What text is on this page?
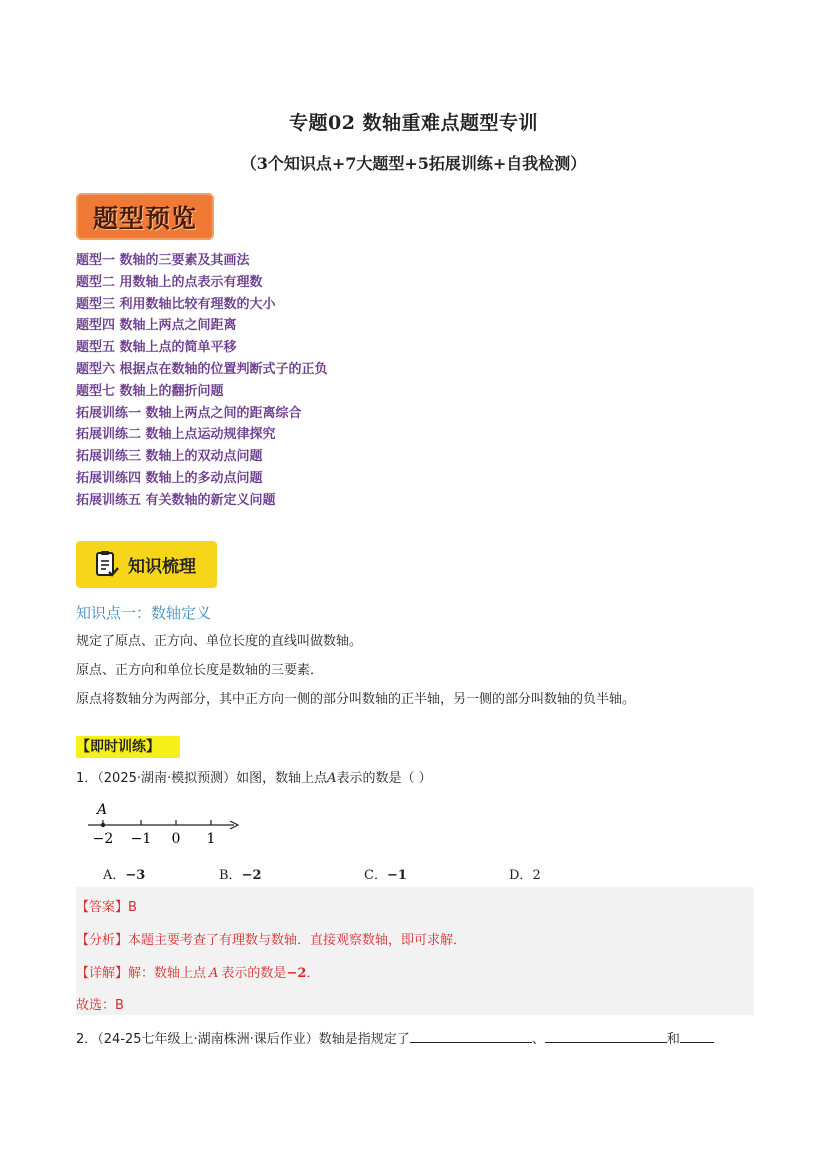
专题02 数轴重难点题型专训
（3个知识点+7大题型+5拓展训练+自我检测）
题型预览
题型一 数轴的三要素及其画法
题型二 用数轴上的点表示有理数
题型三 利用数轴比较有理数的大小
题型四 数轴上两点之间距离
题型五 数轴上点的简单平移
题型六 根据点在数轴的位置判断式子的正负
题型七 数轴上的翻折问题
拓展训练一 数轴上两点之间的距离综合
拓展训练二 数轴上点运动规律探究
拓展训练三 数轴上的双动点问题
拓展训练四 数轴上的多动点问题
拓展训练五 有关数轴的新定义问题
知识梳理
知识点一：数轴定义
规定了原点、正方向、单位长度的直线叫做数轴。
原点、正方向和单位长度是数轴的三要素．
原点将数轴分为两部分，其中正方向一侧的部分叫数轴的正半轴，另一侧的部分叫数轴的负半轴。
【即时训练】
1．（2025·湖南·模拟预测）如图，数轴上点A表示的数是（ ）
A
−2 −1 0 1
A．−3	B．−2	C．−1	D．2
【答案】B
【分析】本题主要考查了有理数与数轴．直接观察数轴，即可求解．
【详解】解：数轴上点 A 表示的数是−2．
故选：B
2．（24-25七年级上·湖南株洲·课后作业）数轴是指规定了	、	和
